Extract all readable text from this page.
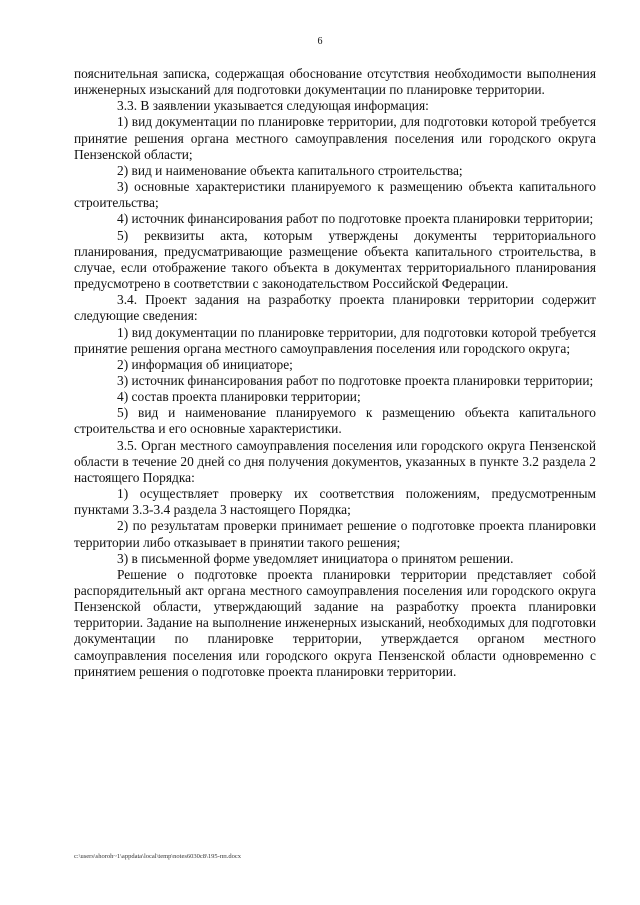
6

пояснительная записка, содержащая обоснование отсутствия необходимости выполнения инженерных изысканий для подготовки документации по планировке территории.

3.3. В заявлении указывается следующая информация:

1) вид документации по планировке территории, для подготовки которой требуется принятие решения органа местного самоуправления поселения или городского округа Пензенской области;

2) вид и наименование объекта капитального строительства;

3) основные характеристики планируемого к размещению объекта капитального строительства;

4) источник финансирования работ по подготовке проекта планировки территории;

5) реквизиты акта, которым утверждены документы территориального планирования, предусматривающие размещение объекта капитального строительства, в случае, если отображение такого объекта в документах территориального планирования предусмотрено в соответствии с законодательством Российской Федерации.

3.4. Проект задания на разработку проекта планировки территории содержит следующие сведения:

1) вид документации по планировке территории, для подготовки которой требуется принятие решения органа местного самоуправления поселения или городского округа;

2) информация об инициаторе;

3) источник финансирования работ по подготовке проекта планировки территории;

4) состав проекта планировки территории;

5) вид и наименование планируемого к размещению объекта капитального строительства и его основные характеристики.

3.5. Орган местного самоуправления поселения или городского округа Пензенской области в течение 20 дней со дня получения документов, указанных в пункте 3.2 раздела 2 настоящего Порядка:

1) осуществляет проверку их соответствия положениям, предусмотренным пунктами 3.3-3.4 раздела 3 настоящего Порядка;

2) по результатам проверки принимает решение о подготовке проекта планировки территории либо отказывает в принятии такого решения;

3) в письменной форме уведомляет инициатора о принятом решении.

Решение о подготовке проекта планировки территории представляет собой распорядительный акт органа местного самоуправления поселения или городского округа Пензенской области, утверждающий задание на разработку проекта планировки территории. Задание на выполнение инженерных изысканий, необходимых для подготовки документации по планировке территории, утверждается органом местного самоуправления поселения или городского округа Пензенской области одновременно с принятием решения о подготовке проекта планировки территории.

c:\users\shoroh~1\appdata\local\temp\notes6030c8\195-пп.docx
